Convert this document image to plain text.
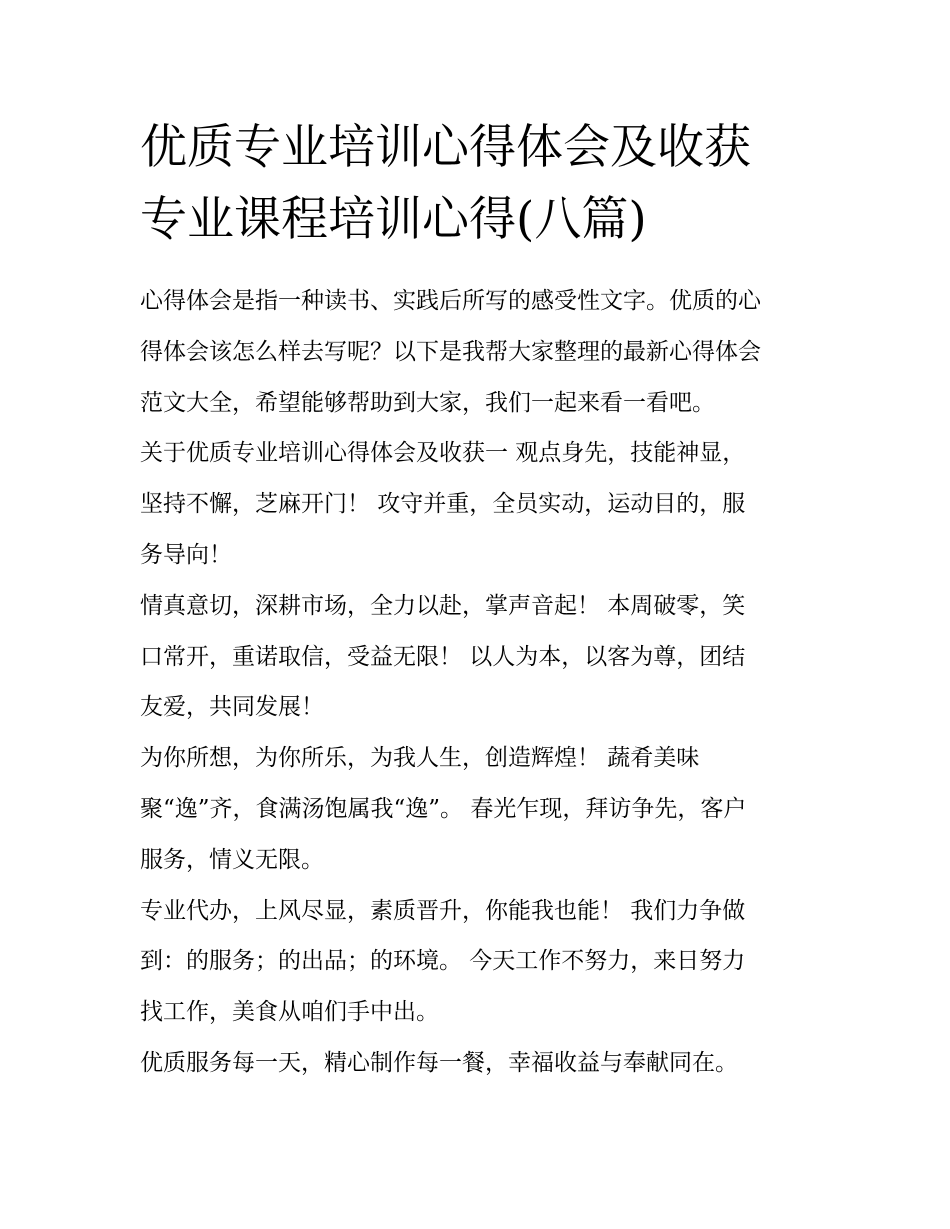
优质专业培训心得体会及收获
专业课程培训心得(八篇)

心得体会是指一种读书、实践后所写的感受性文字。优质的心
得体会该怎么样去写呢？以下是我帮大家整理的最新心得体会
范文大全，希望能够帮助到大家，我们一起来看一看吧。

关于优质专业培训心得体会及收获一 观点身先，技能神显，
坚持不懈，芝麻开门！ 攻守并重，全员实动，运动目的，服
务导向！

情真意切，深耕市场，全力以赴，掌声音起！ 本周破零，笑
口常开，重诺取信，受益无限！ 以人为本，以客为尊，团结
友爱，共同发展！

为你所想，为你所乐，为我人生，创造辉煌！ 蔬肴美味
聚“逸”齐，食满汤饱属我“逸”。 春光乍现，拜访争先，客户
服务，情义无限。

专业代办，上风尽显，素质晋升，你能我也能！ 我们力争做
到：的服务；的出品；的环境。 今天工作不努力，来日努力
找工作，美食从咱们手中出。

优质服务每一天，精心制作每一餐，幸福收益与奉献同在。
